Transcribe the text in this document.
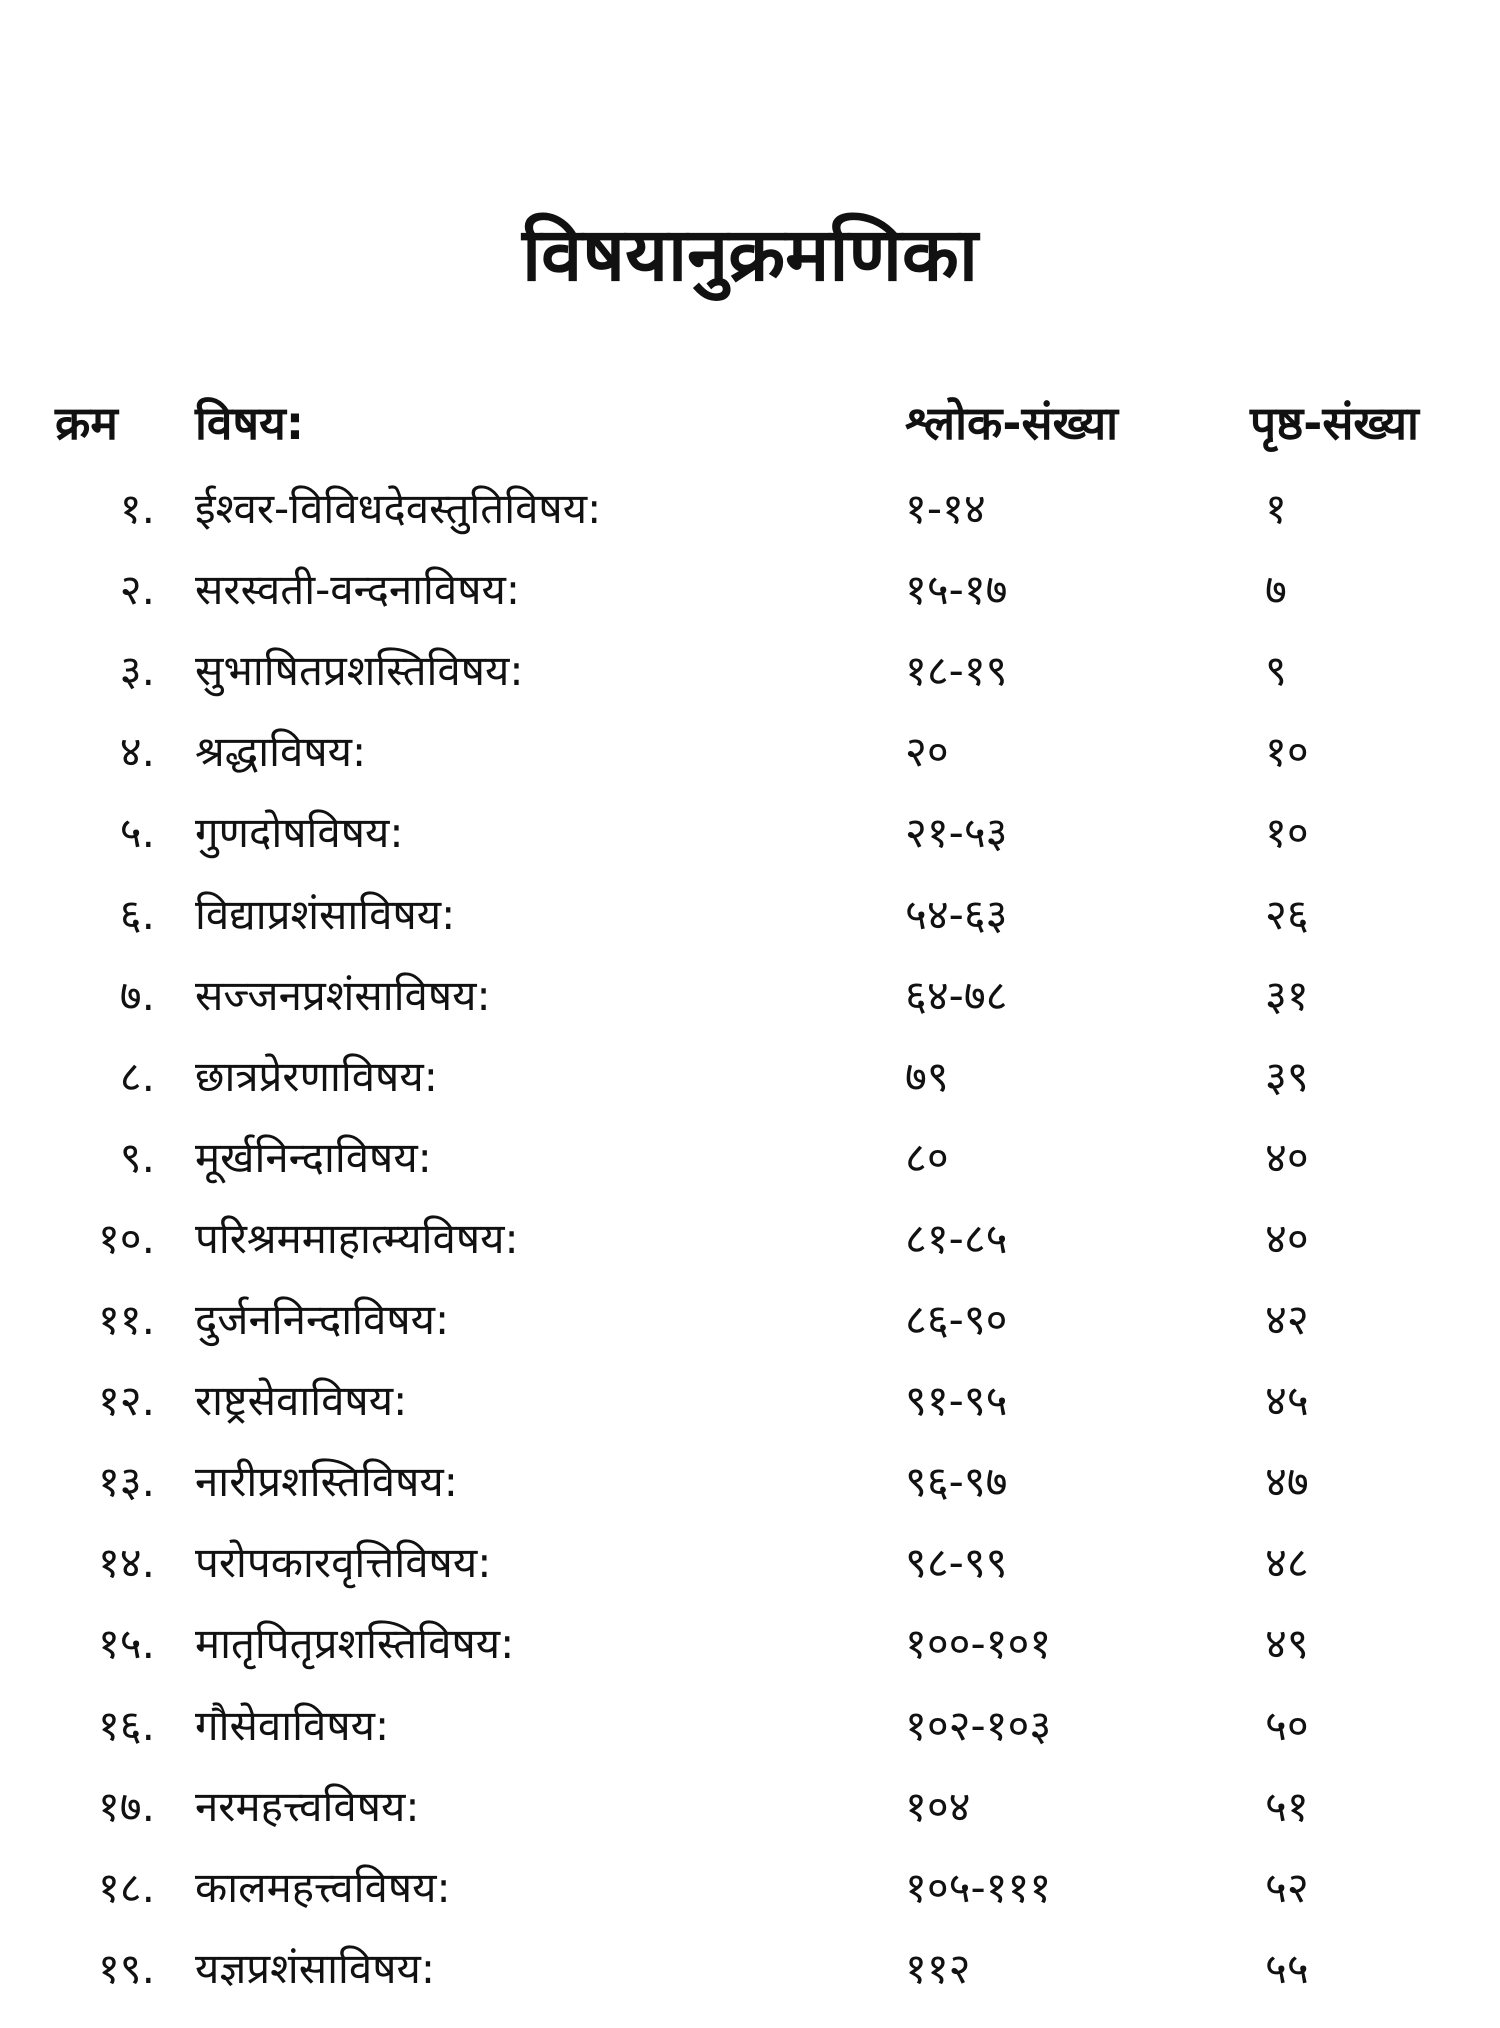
विषयानुक्रमणिका
क्रम विषय:	श्लोक-संख्या	पृष्ठ-संख्या
१. ईश्वर-विविधदेवस्तुतिविषय:	१-१४	१
२. सरस्वती-वन्दनाविषय:	१५-१७	७
३. सुभाषितप्रशस्तिविषय:	१८-१९	९
४. श्रद्धाविषय:	२०	१०
५. गुणदोषविषय:	२१-५३	१०
६. विद्याप्रशंसाविषय:	५४-६३	२६
७. सज्जनप्रशंसाविषय:	६४-७८	३१
८. छात्रप्रेरणाविषय:	७९	३९
९. मूर्खनिन्दाविषय:	८०	४०
१०. परिश्रममाहात्म्यविषय:	८१-८५	४०
११. दुर्जननिन्दाविषय:	८६-९०	४२
१२. राष्ट्रसेवाविषय:	९१-९५	४५
१३. नारीप्रशस्तिविषय:	९६-९७	४७
१४. परोपकारवृत्तिविषय:	९८-९९	४८
१५. मातृपितृप्रशस्तिविषय:	१००-१०१	४९
१६. गौसेवाविषय:	१०२-१०३	५०
१७. नरमहत्त्वविषय:	१०४	५१
१८. कालमहत्त्वविषय:	१०५-१११	५२
१९. यज्ञप्रशंसाविषय:	११२	५५
